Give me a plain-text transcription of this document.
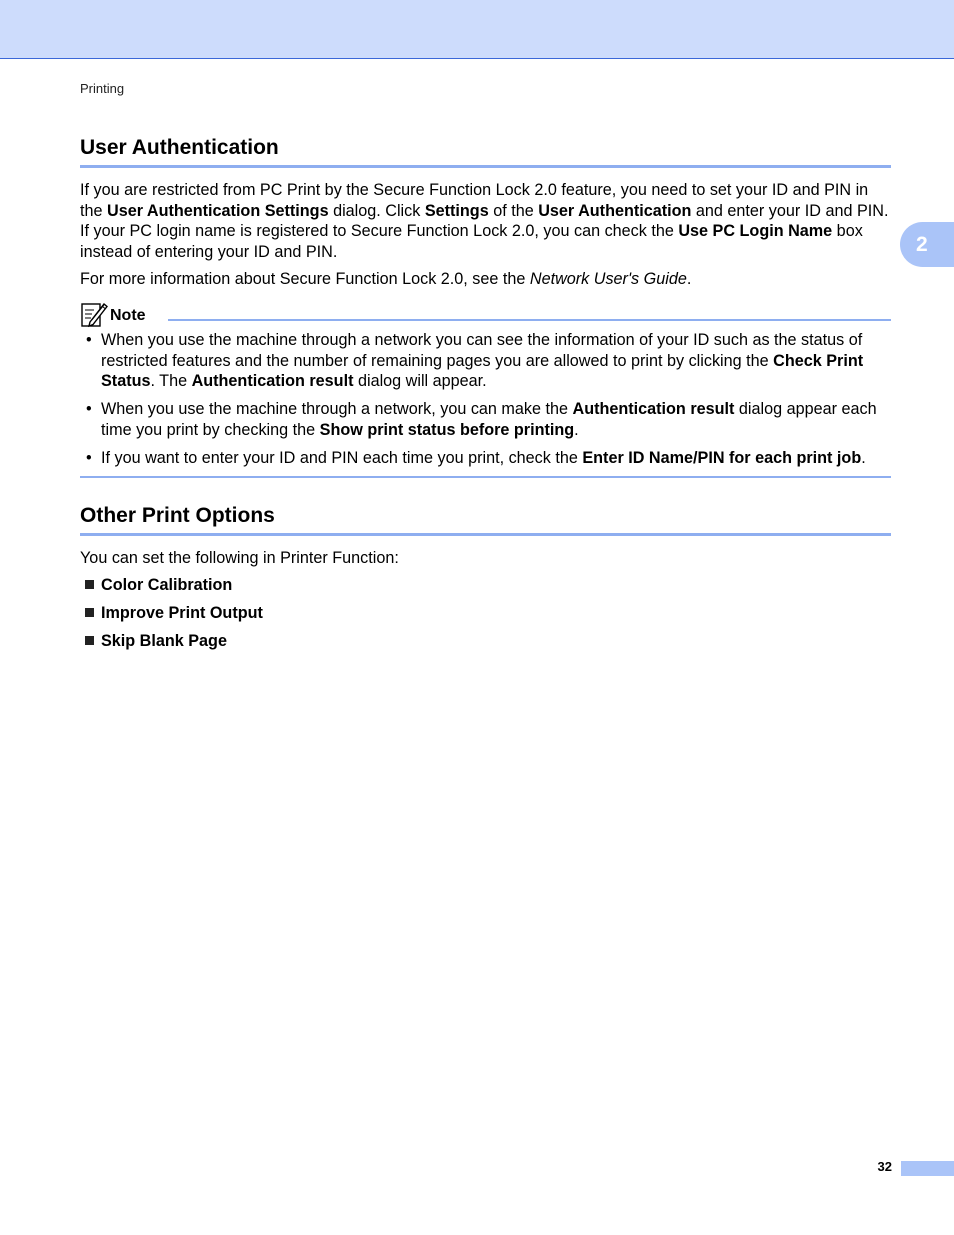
Printing
2
User Authentication

If you are restricted from PC Print by the Secure Function Lock 2.0 feature, you need to set your ID and PIN in the User Authentication Settings dialog. Click Settings of the User Authentication and enter your ID and PIN. If your PC login name is registered to Secure Function Lock 2.0, you can check the Use PC Login Name box instead of entering your ID and PIN.

For more information about Secure Function Lock 2.0, see the Network User's Guide.

Note
• When you use the machine through a network you can see the information of your ID such as the status of restricted features and the number of remaining pages you are allowed to print by clicking the Check Print Status. The Authentication result dialog will appear.
• When you use the machine through a network, you can make the Authentication result dialog appear each time you print by checking the Show print status before printing.
• If you want to enter your ID and PIN each time you print, check the Enter ID Name/PIN for each print job.
Other Print Options

You can set the following in Printer Function:

Color Calibration
Improve Print Output
Skip Blank Page
32
